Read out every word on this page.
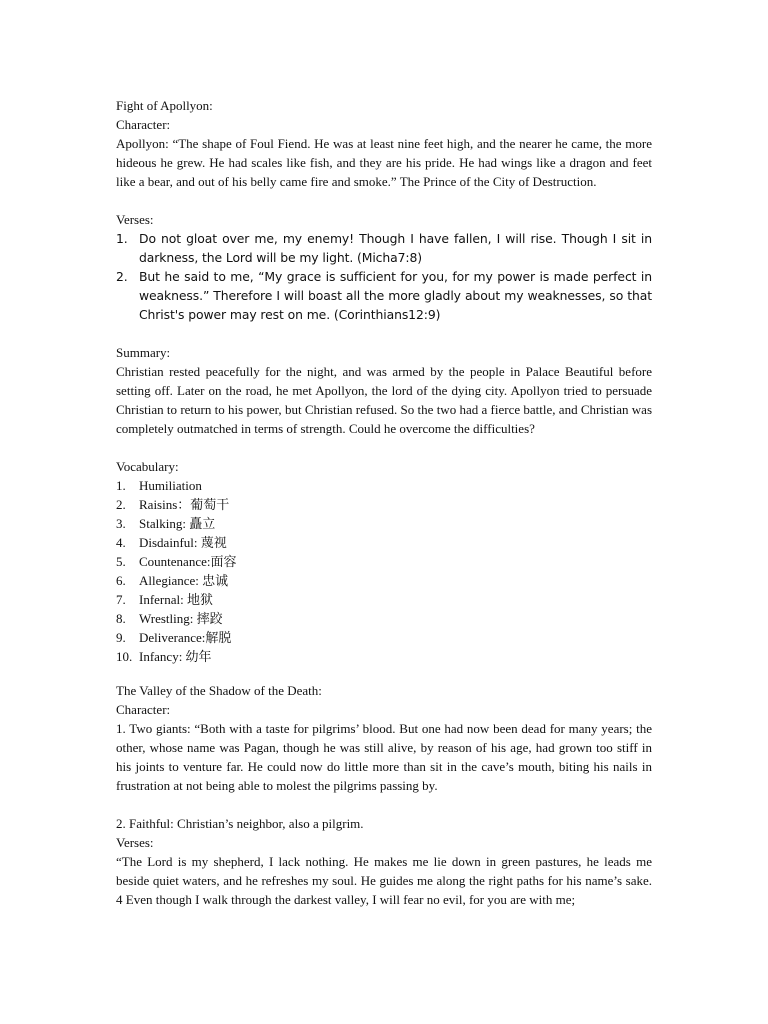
Fight of Apollyon:

Character:

Apollyon: “The shape of Foul Fiend. He was at least nine feet high, and the nearer he came, the more hideous he grew. He had scales like fish, and they are his pride. He had wings like a dragon and feet like a bear, and out of his belly came fire and smoke.” The Prince of the City of Destruction.

Verses:

1. Do not gloat over me, my enemy! Though I have fallen, I will rise. Though I sit in darkness, the Lord will be my light. (Micha7:8)
2. But he said to me, “My grace is sufficient for you, for my power is made perfect in weakness.” Therefore I will boast all the more gladly about my weaknesses, so that Christ's power may rest on me. (Corinthians12:9)

Summary:

Christian rested peacefully for the night, and was armed by the people in Palace Beautiful before setting off. Later on the road, he met Apollyon, the lord of the dying city. Apollyon tried to persuade Christian to return to his power, but Christian refused. So the two had a fierce battle, and Christian was completely outmatched in terms of strength. Could he overcome the difficulties?

Vocabulary:

1. Humiliation
2. Raisins：葡萄干
3. Stalking: 矗立
4. Disdainful: 蔑视
5. Countenance:面容
6. Allegiance: 忠诚
7. Infernal: 地狱
8. Wrestling: 摔跤
9. Deliverance:解脱
10. Infancy: 幼年

The Valley of the Shadow of the Death:

Character:

1. Two giants: “Both with a taste for pilgrims’ blood. But one had now been dead for many years; the other, whose name was Pagan, though he was still alive, by reason of his age, had grown too stiff in his joints to venture far. He could now do little more than sit in the cave’s mouth, biting his nails in frustration at not being able to molest the pilgrims passing by.

2. Faithful: Christian’s neighbor, also a pilgrim.

Verses:

“The Lord is my shepherd, I lack nothing. He makes me lie down in green pastures, he leads me beside quiet waters, and he refreshes my soul. He guides me along the right paths for his name’s sake. 4 Even though I walk through the darkest valley, I will fear no evil, for you are with me;
